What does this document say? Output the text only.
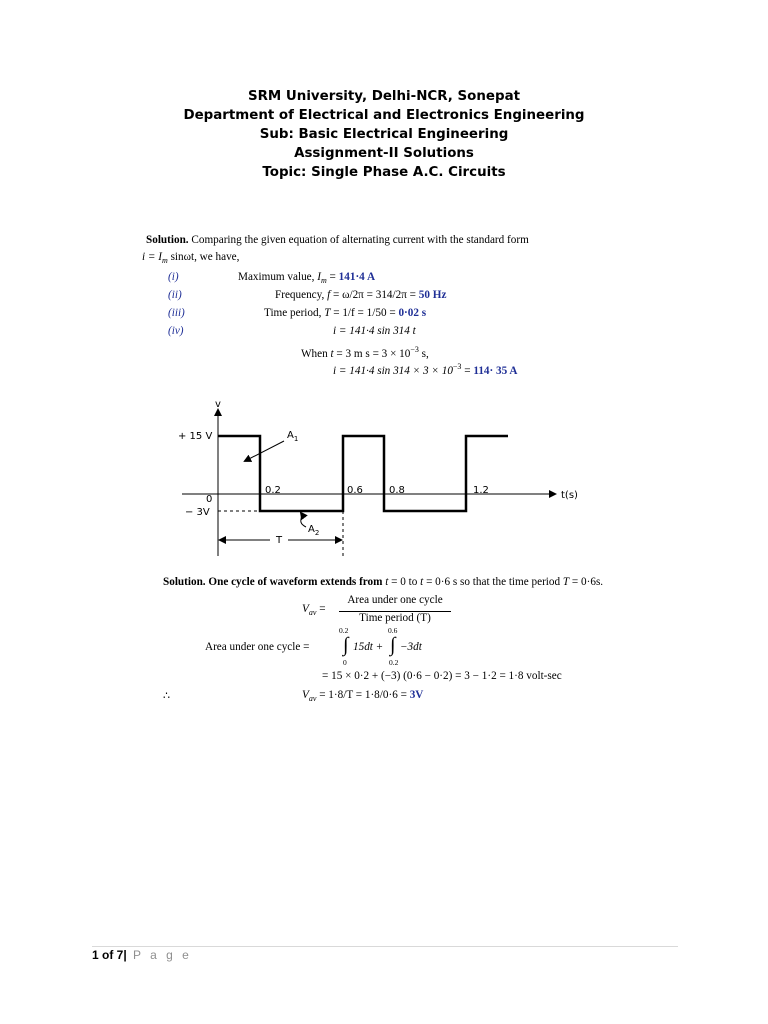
SRM University, Delhi-NCR, Sonepat
Department of Electrical and Electronics Engineering
Sub: Basic Electrical Engineering
Assignment-II Solutions
Topic: Single Phase A.C. Circuits
Solution. Comparing the given equation of alternating current with the standard form
$i = I_m$ sinωt, we have,
(i)	Maximum value, $I_m = 141\cdot 4$ A
(ii)	Frequency, f = ω/2π = 314/2π = 50 Hz
(iii)	Time period, T = 1/f = 1/50 = 0·02 s
(iv)	i = 141·4 sin 314 t
When t = 3 m $s = 3 \times 10^{-3}$ s,
i = 141·4 $\sin 314 \times 3 \times 10^{-3} = 114\cdot 35$ A
v
t(s)
+ 15 V
0
− 3V
0.2	0.6	0.8	1.2
$A_1$
$A_2$
T
Solution. One cycle of waveform extends from t = 0 to t = 0·6 s so that the time period T = 0·6s.
$V_{av}$ =
Area under one cycle
Time period (T)
Area under one cycle =
0.2
∫
0
15dt +
0.6
∫
0.2
−3dt
= 15 × 0·2 + (−3) (0·6 − 0·2) = 3 − 1·2 = 1·8 volt-sec
∴	$V_{av} = 1\cdot 8/T = 1\cdot 8/0\cdot 6 = 3V$
1 of 7| P a g e
